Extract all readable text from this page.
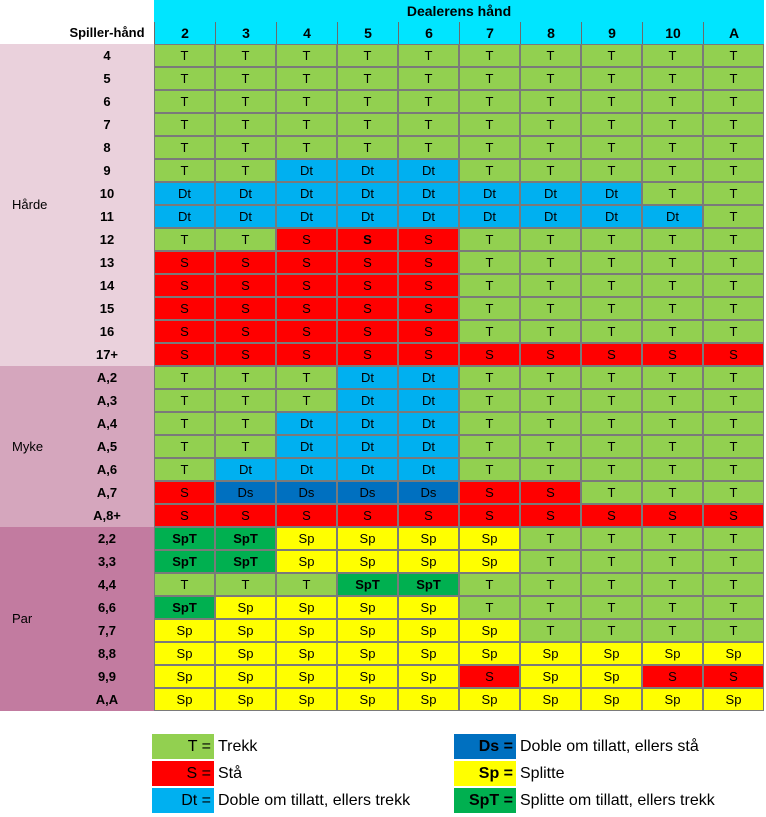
Dealerens hånd
Spiller-hånd	2	3	4	5	6	7	8	9	10	A
Hårde
Myke
Par
4	T	T	T	T	T	T	T	T	T	T
5	T	T	T	T	T	T	T	T	T	T
6	T	T	T	T	T	T	T	T	T	T
7	T	T	T	T	T	T	T	T	T	T
8	T	T	T	T	T	T	T	T	T	T
9	T	T	Dt	Dt	Dt	T	T	T	T	T
10	Dt	Dt	Dt	Dt	Dt	Dt	Dt	Dt	T	T
11	Dt	Dt	Dt	Dt	Dt	Dt	Dt	Dt	Dt	T
12	T	T	S	S	S	T	T	T	T	T
13	S	S	S	S	S	T	T	T	T	T
14	S	S	S	S	S	T	T	T	T	T
15	S	S	S	S	S	T	T	T	T	T
16	S	S	S	S	S	T	T	T	T	T
17+	S	S	S	S	S	S	S	S	S	S
A,2	T	T	T	Dt	Dt	T	T	T	T	T
A,3	T	T	T	Dt	Dt	T	T	T	T	T
A,4	T	T	Dt	Dt	Dt	T	T	T	T	T
A,5	T	T	Dt	Dt	Dt	T	T	T	T	T
A,6	T	Dt	Dt	Dt	Dt	T	T	T	T	T
A,7	S	Ds	Ds	Ds	Ds	S	S	T	T	T
A,8+	S	S	S	S	S	S	S	S	S	S
2,2	SpT	SpT	Sp	Sp	Sp	Sp	T	T	T	T
3,3	SpT	SpT	Sp	Sp	Sp	Sp	T	T	T	T
4,4	T	T	T	SpT	SpT	T	T	T	T	T
6,6	SpT	Sp	Sp	Sp	Sp	T	T	T	T	T
7,7	Sp	Sp	Sp	Sp	Sp	Sp	T	T	T	T
8,8	Sp	Sp	Sp	Sp	Sp	Sp	Sp	Sp	Sp	Sp
9,9	Sp	Sp	Sp	Sp	Sp	S	Sp	Sp	S	S
A,A	Sp	Sp	Sp	Sp	Sp	Sp	Sp	Sp	Sp	Sp
T = Trekk
S = Stå
Dt = Doble om tillatt, ellers trekk
Ds = Doble om tillatt, ellers stå
Sp = Splitte
SpT = Splitte om tillatt, ellers trekk
